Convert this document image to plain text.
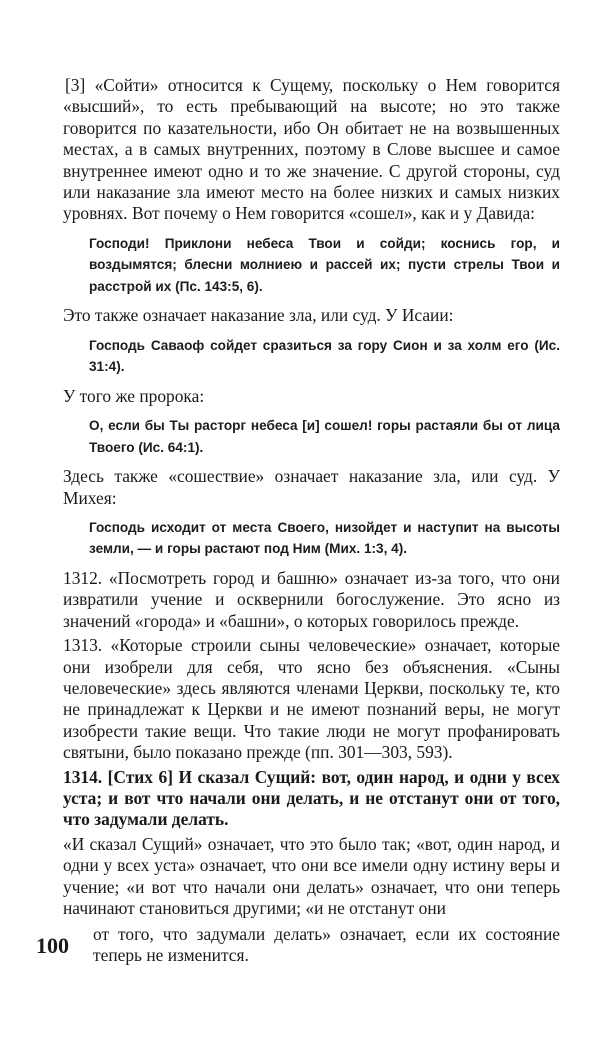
[3] «Сойти» относится к Сущему, поскольку о Нем говорится «высший», то есть пребывающий на высоте; но это также говорится по казательности, ибо Он обитает не на возвышенных местах, а в самых внутренних, поэтому в Слове высшее и самое внутреннее имеют одно и то же значение. С другой стороны, суд или наказание зла имеют место на более низких и самых низких уровнях. Вот почему о Нем говорится «сошел», как и у Давида:

Господи! Приклони небеса Твои и сойди; коснись гор, и воздымятся; блесни молниею и рассей их; пусти стрелы Твои и расстрой их (Пс. 143:5, 6).

Это также означает наказание зла, или суд. У Исаии:

Господь Саваоф сойдет сразиться за гору Сион и за холм его (Ис. 31:4).

У того же пророка:

О, если бы Ты расторг небеса [и] сошел! горы растаяли бы от лица Твоего (Ис. 64:1).

Здесь также «сошествие» означает наказание зла, или суд. У Михея:

Господь исходит от места Своего, низойдет и наступит на высоты земли, — и горы растают под Ним (Мих. 1:3, 4).

1312. «Посмотреть город и башню» означает из-за того, что они извратили учение и осквернили богослужение. Это ясно из значений «города» и «башни», о которых говорилось прежде.

1313. «Которые строили сыны человеческие» означает, которые они изобрели для себя, что ясно без объяснения. «Сыны человеческие» здесь являются членами Церкви, поскольку те, кто не принадлежат к Церкви и не имеют познаний веры, не могут изобрести такие вещи. Что такие люди не могут профанировать святыни, было показано прежде (пп. 301—303, 593).

1314. [Стих 6] И сказал Сущий: вот, один народ, и одни у всех уста; и вот что начали они делать, и не отстанут они от того, что задумали делать.

«И сказал Сущий» означает, что это было так; «вот, один народ, и одни у всех уста» означает, что они все имели одну истину веры и учение; «и вот что начали они делать» означает, что они теперь начинают становиться другими; «и не отстанут они

от того, что задумали делать» означает, если их состояние теперь не изменится.

100
